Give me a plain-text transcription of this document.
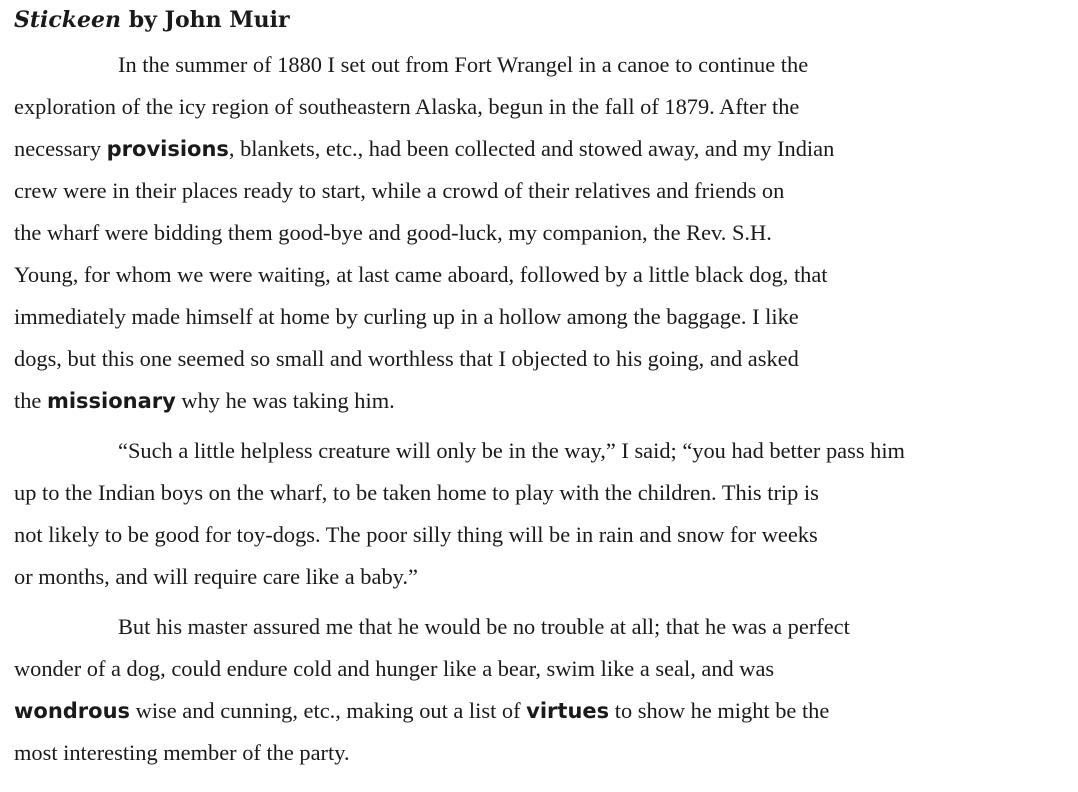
Stickeen by John Muir
In the summer of 1880 I set out from Fort Wrangel in a canoe to continue the
exploration of the icy region of southeastern Alaska, begun in the fall of 1879. After the
necessary provisions, blankets, etc., had been collected and stowed away, and my Indian
crew were in their places ready to start, while a crowd of their relatives and friends on
the wharf were bidding them good-bye and good-luck, my companion, the Rev. S.H.
Young, for whom we were waiting, at last came aboard, followed by a little black dog, that
immediately made himself at home by curling up in a hollow among the baggage. I like
dogs, but this one seemed so small and worthless that I objected to his going, and asked
the missionary why he was taking him.
“Such a little helpless creature will only be in the way,” I said; “you had better pass him
up to the Indian boys on the wharf, to be taken home to play with the children. This trip is
not likely to be good for toy-dogs. The poor silly thing will be in rain and snow for weeks
or months, and will require care like a baby.”
But his master assured me that he would be no trouble at all; that he was a perfect
wonder of a dog, could endure cold and hunger like a bear, swim like a seal, and was
wondrous wise and cunning, etc., making out a list of virtues to show he might be the
most interesting member of the party.
